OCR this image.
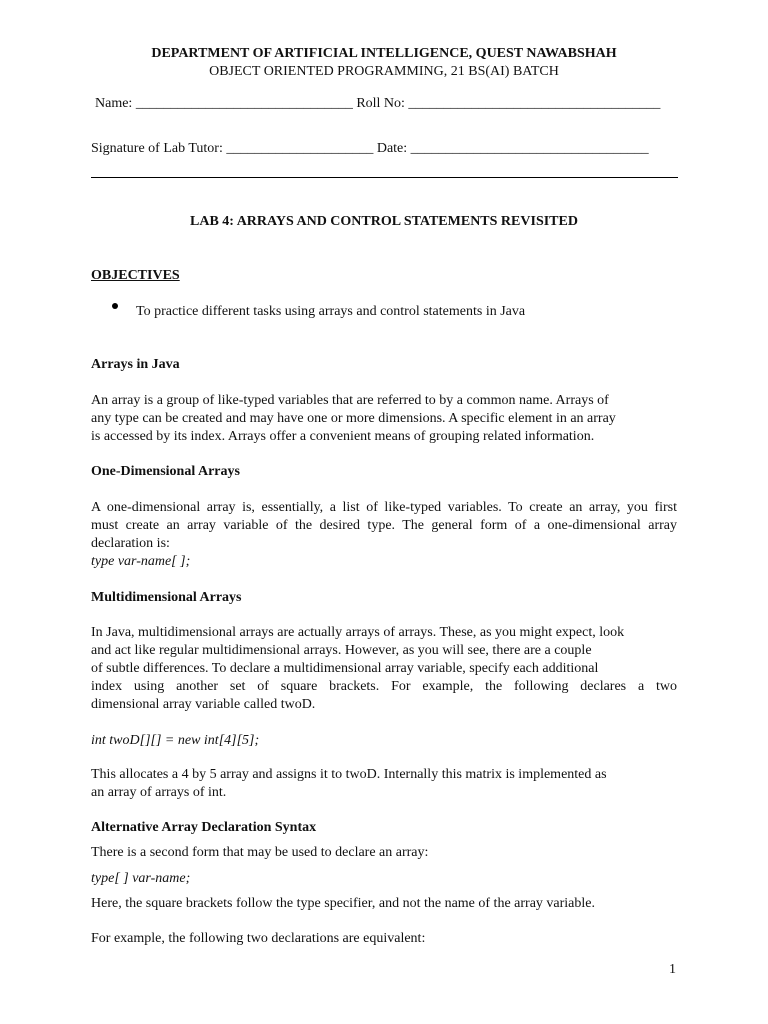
DEPARTMENT OF ARTIFICIAL INTELLIGENCE, QUEST NAWABSHAH

OBJECT ORIENTED PROGRAMMING, 21 BS(AI) BATCH

Name: _______________________________ Roll No: ____________________________________

Signature of Lab Tutor: _____________________ Date: __________________________________

LAB 4: ARRAYS AND CONTROL STATEMENTS REVISITED

OBJECTIVES

To practice different tasks using arrays and control statements in Java

Arrays in Java

An array is a group of like-typed variables that are referred to by a common name. Arrays of
any type can be created and may have one or more dimensions. A specific element in an array
is accessed by its index. Arrays offer a convenient means of grouping related information.

One-Dimensional Arrays

A one-dimensional array is, essentially, a list of like-typed variables. To create an array, you first
must create an array variable of the desired type. The general form of a one-dimensional array
declaration is:
type var-name[ ];

Multidimensional Arrays

In Java, multidimensional arrays are actually arrays of arrays. These, as you might expect, look
and act like regular multidimensional arrays. However, as you will see, there are a couple
of subtle differences. To declare a multidimensional array variable, specify each additional
index using another set of square brackets. For example, the following declares a two
dimensional array variable called twoD.

int twoD[][] = new int[4][5];

This allocates a 4 by 5 array and assigns it to twoD. Internally this matrix is implemented as
an array of arrays of int.

Alternative Array Declaration Syntax

There is a second form that may be used to declare an array:

type[ ] var-name;

Here, the square brackets follow the type specifier, and not the name of the array variable.

For example, the following two declarations are equivalent:

1
